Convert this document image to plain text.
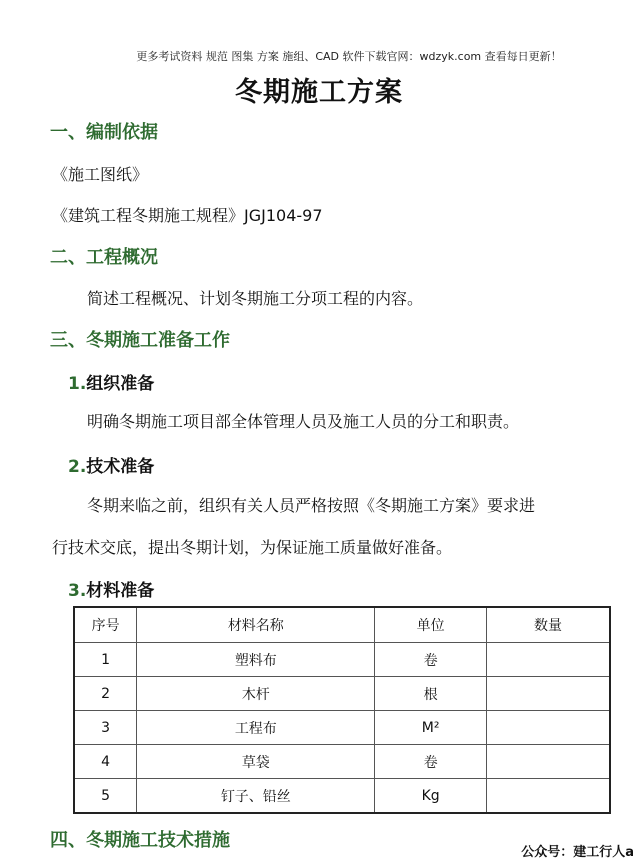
更多考试资料 规范 图集 方案 施组、CAD 软件下载官网：wdzyk.com 查看每日更新！
冬期施工方案
一、编制依据
《施工图纸》
《建筑工程冬期施工规程》JGJ104-97
二、工程概况
简述工程概况、计划冬期施工分项工程的内容。
三、冬期施工准备工作
1.组织准备
明确冬期施工项目部全体管理人员及施工人员的分工和职责。
2.技术准备
冬期来临之前，组织有关人员严格按照《冬期施工方案》要求进
行技术交底，提出冬期计划，为保证施工质量做好准备。
3.材料准备
序号	材料名称	单位	数量
1	塑料布	卷	
2	木杆	根	
3	工程布	M²	
4	草袋	卷	
5	钉子、铅丝	Kg	
四、冬期施工技术措施
公众号：建工行人a
